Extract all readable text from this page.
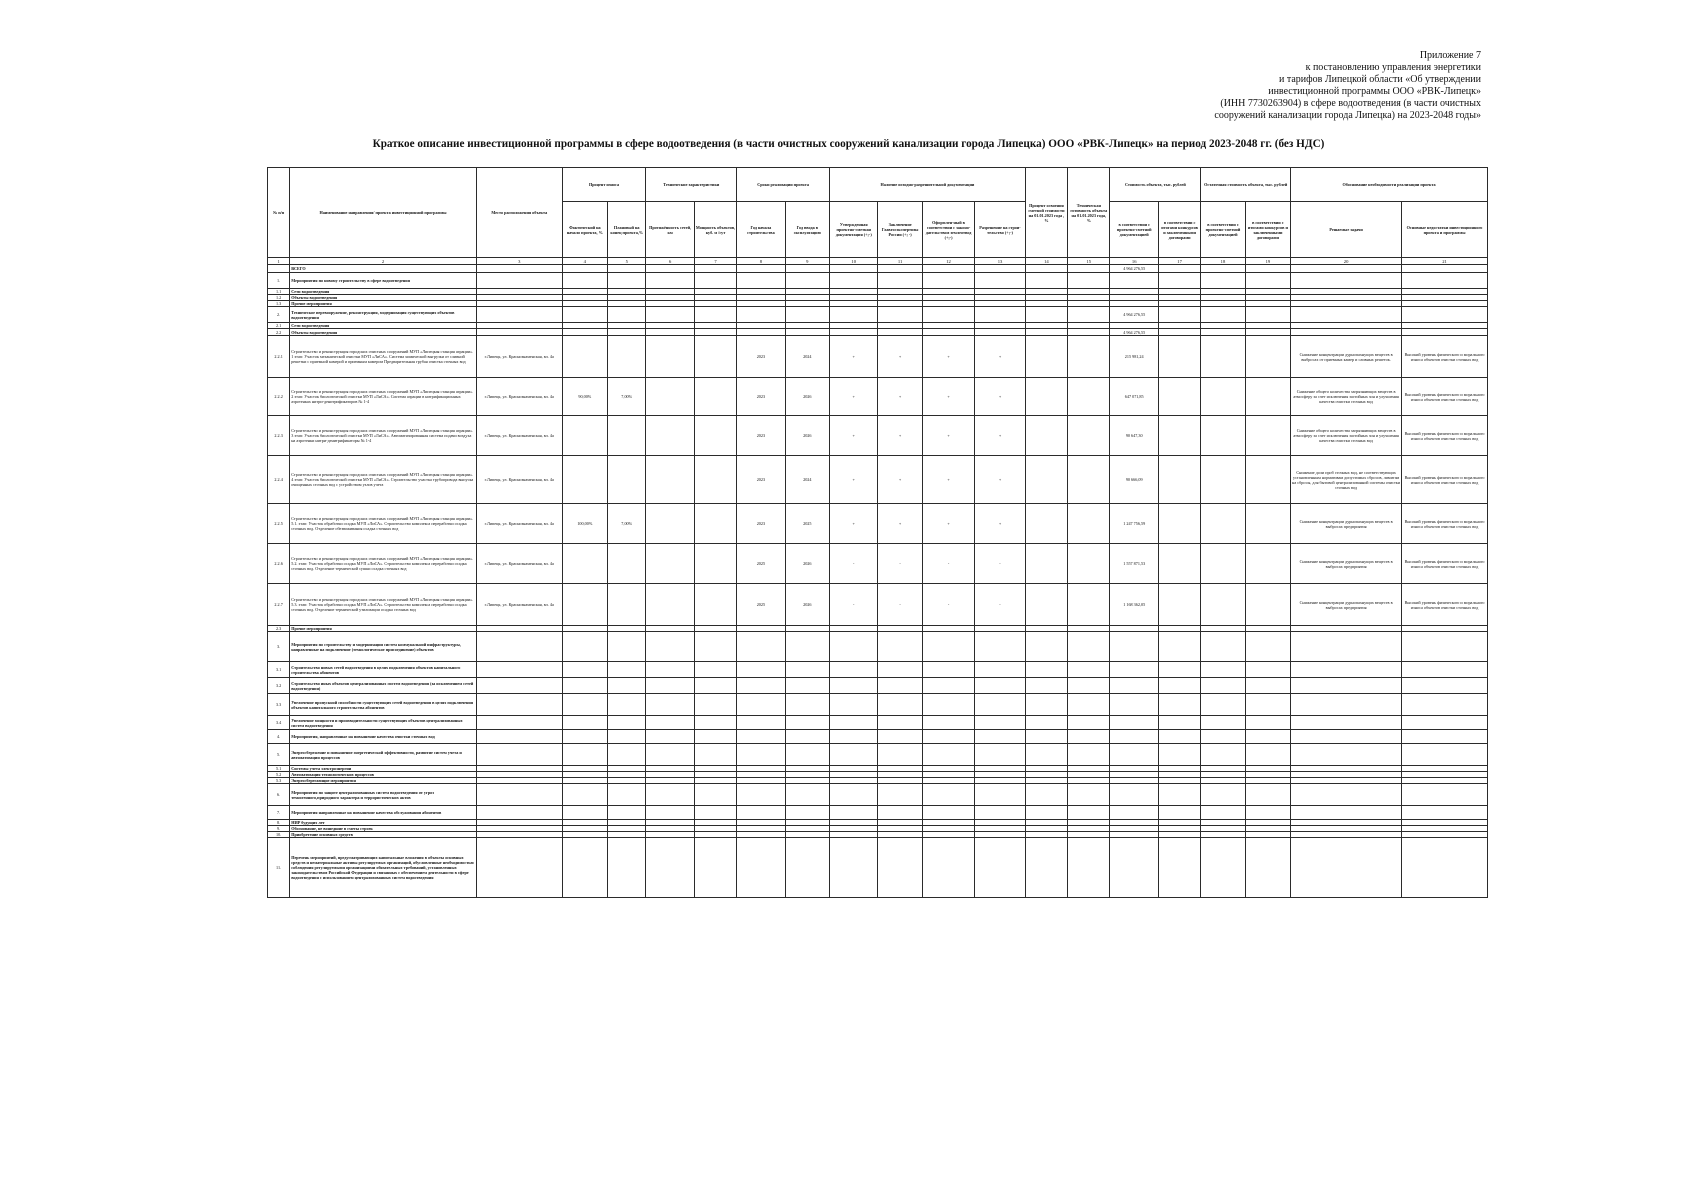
Приложение 7
к постановлению управления энергетики
и тарифов Липецкой области «Об утверждении
инвестиционной программы ООО «РВК-Липецк»
(ИНН 7730263904) в сфере водоотведения (в части очистных
сооружений канализации города Липецка) на 2023-2048 годы»
Краткое описание инвестиционной программы в сфере водоотведения (в части очистных сооружений канализации города Липецка) ООО «РВК-Липецк» на период 2023-2048 гг. (без НДС)
№ п/п	Наименование направления/ проекта инвестиционной программы	Место расположения объекта	Процент износа		Технические характеристики		Сроки реализации проекта		Наличие исходно-разрешительной документации				Процент освоения сметной стоимости на 01.01.2023 года , %	Техническая готовность объекта на 01.01.2023 года, %	Стоимость объекта, тыс. рублей		Остаточная стоимость объекта, тыс. рублей		Обоснование необходимости реализации проекта	
			Фактический на начало проекта, %	Плановый на конец проекта,%	Протяжённость сетей, км	Мощность объектов, куб. м /сут	Год начала строительства	Год ввода в эксплуатацию	Утвержденная проектно-сметная документация (+;-)	Заключение Главгосэкспертизы России (+; -)	Оформлен-ный в соответствии с законо-дательством землеотвод (+;-)	Разрешение на строи-тельство (+;-)			в соответствии с проектно-сметной документацией	в соответствии с итогами конкурсов и заключенными договорами	в соответствии с проектно-сметной документацией	в соответствии с итогами конкурсов и заключенными договорами	Решаемые задачи	Основные недостатки инвестиционного проекта и программы
1	2	3	4	5	6	7	8	9	10	11	12	13	14	15	16	17	18	19	20	21
	ВСЕГО														4 964 276,55					
1.	Мероприятия по новому строительству в сфере водоотведения																			
1.1	Сети водоотведения																			
1.2	Объекты водоотведения																			
1.3	Прочие мероприятия																			
2.	Техническое перевооружение, реконструкция, модернизация существующих объектов водоотведения														4 964 276,55					
2.1	Сети водоотведения																			
2.2	Объекты водоотведения														4 964 276,55					
2.2.1	Строительство и реконструкция городских очистных сооружений МУП «Липецкая станция аэрации». 1 этап: Участок механической очистки МУП «ЛиСА». Система химической выгрузки от сливной решетки с приемной камерой и приемным камером Предварительная грубая очистка сточных вод	г.Липецк, ул. Краснознаменская, вл. 4а					2023	2024	+	+	+	+			215 981,24				Снижение концентрации дурнопахнущих веществ в выбросах от приемных камер и сливных решеток.	Высокий уровень физического и морального износа объектов очистки сточных вод
2.2.2	Строительство и реконструкция городских очистных сооружений МУП «Липецкая станция аэрации». 2 этап: Участок биологической очистки МУП «ЛиСА». Система аэрации в нитрификационных аэротенках нитри-денитрификаторов № 1-4	г.Липецк, ул. Краснознаменская, вл. 4а	90,00%	7,00%			2023	2026	+	+	+	+			647 071,85				Снижение общего количества загрязняющих веществ в атмосферу за счет исключения застойных зон и улучшения качества очистки сточных вод	Высокий уровень физического и морального износа объектов очистки сточных вод
2.2.3	Строительство и реконструкция городских очистных сооружений МУП «Липецкая станция аэрации». 3 этап: Участок биологической очистки МУП «ЛиСА». Автоматизированная система подачи воздуха на аэротенки нитри-денитрификаторы № 1-4	г.Липецк, ул. Краснознаменская, вл. 4а					2023	2026	+	+	+	+			90 647,30				Снижение общего количества загрязняющих веществ в атмосферу за счет исключения застойных зон и улучшения качества очистки сточных вод	Высокий уровень физического и морального износа объектов очистки сточных вод
2.2.4	Строительство и реконструкция городских очистных сооружений МУП «Липецкая станция аэрации». 4 этап: Участок биологической очистки МУП «ЛиСА». Строительство участка трубопровода выпуска очищенных сточных вод с устройством узлов учета	г.Липецк, ул. Краснознаменская, вл. 4а					2023	2024	+	+	+	+			90 666,09				Снижение доли проб сточных вод, не соответствующих установленным нормативам допустимых сбросов, лимитам на сбросы, для бытовой централизованной системы очистки сточных вод	Высокий уровень физического и морального износа объектов очистки сточных вод
2.2.5	Строительство и реконструкция городских очистных сооружений МУП «Липецкая станция аэрации». 5.1. этап: Участок обработки осадка МУП «ЛиСА». Строительство комплекса переработки осадка сточных вод. Отделение обезвоживания осадка сточных вод	г.Липецк, ул. Краснознаменская, вл. 4а	100,00%	7,00%			2023	2025	+	+	+	+			1 247 756,59				Снижение концентрации дурнопахнущих веществ в выбросах предприятия	Высокий уровень физического и морального износа объектов очистки сточных вод
2.2.6	Строительство и реконструкция городских очистных сооружений МУП «Липецкая станция аэрации». 5.2. этап: Участок обработки осадка МУП «ЛиСА». Строительство комплекса переработки осадка сточных вод. Отделение термической сушки осадка сточных вод	г.Липецк, ул. Краснознаменская, вл. 4а					2025	2026	-	-	-	-			1 557 871,53				Снижение концентрации дурнопахнущих веществ в выбросах предприятия	Высокий уровень физического и морального износа объектов очистки сточных вод
2.2.7	Строительство и реконструкция городских очистных сооружений МУП «Липецкая станция аэрации». 5.3. этап: Участок обработки осадка МУП «ЛиСА». Строительство комплекса переработки осадка сточных вод. Отделение термической утилизации осадка сточных вод	г.Липецк, ул. Краснознаменская, вл. 4а					2025	2026	-	-	-	-			1 168 362,05				Снижение концентрации дурнопахнущих веществ в выбросах предприятия	Высокий уровень физического и морального износа объектов очистки сточных вод
2.3	Прочие мероприятия																			
3.	Мероприятия по строительству и модернизации систем коммунальной инфраструктуры, направленные на подключение (технологическое присоединение) объектов																			
3.1	Строительство новых сетей водоотведения в целях подключения объектов капитального строительства абонентов																			
3.2	Строительство иных объектов централизованных систем водоотведения (за исключением сетей водоотведения)																			
3.3	Увеличение пропускной способности существующих сетей водоотведения в целях подключения объектов капитального строительства абонентов																			
3.4	Увеличение мощности и производительности существующих объектов централизованных систем водоотведения																			
4.	Мероприятия, направленные на повышение качества очистки сточных вод																			
5.	Энергосбережение и повышение энергетической эффективности, развитие систем учета и автоматизации процессов																			
5.1	Системы учета электроэнергии																			
5.2	Автоматизация технологических процессов																			
5.3	Энергосберегающие мероприятия																			
6.	Мероприятия по защите централизованных систем водоотведения от угроз техногенного,природного характера и террористических актов																			
7.	Мероприятия направленные на повышение качества обслуживания абонентов																			
8.	НИР будущих лет																			
9.	Обоснование, не вошедшие в сметы строек																			
10.	Приобретение основных средств																			
11.	Перечень мероприятий, предусматривающих капитальные вложения в объекты основных средств и нематериальные активы регулируемых организаций, обусловленные необходимостью соблюдения регулируемыми организациями обязательных требований, установленных законодательством Российской Федерации и связанных с обеспечением деятельности в сфере водоотведения с использованием централизованных систем водоотведения																			
